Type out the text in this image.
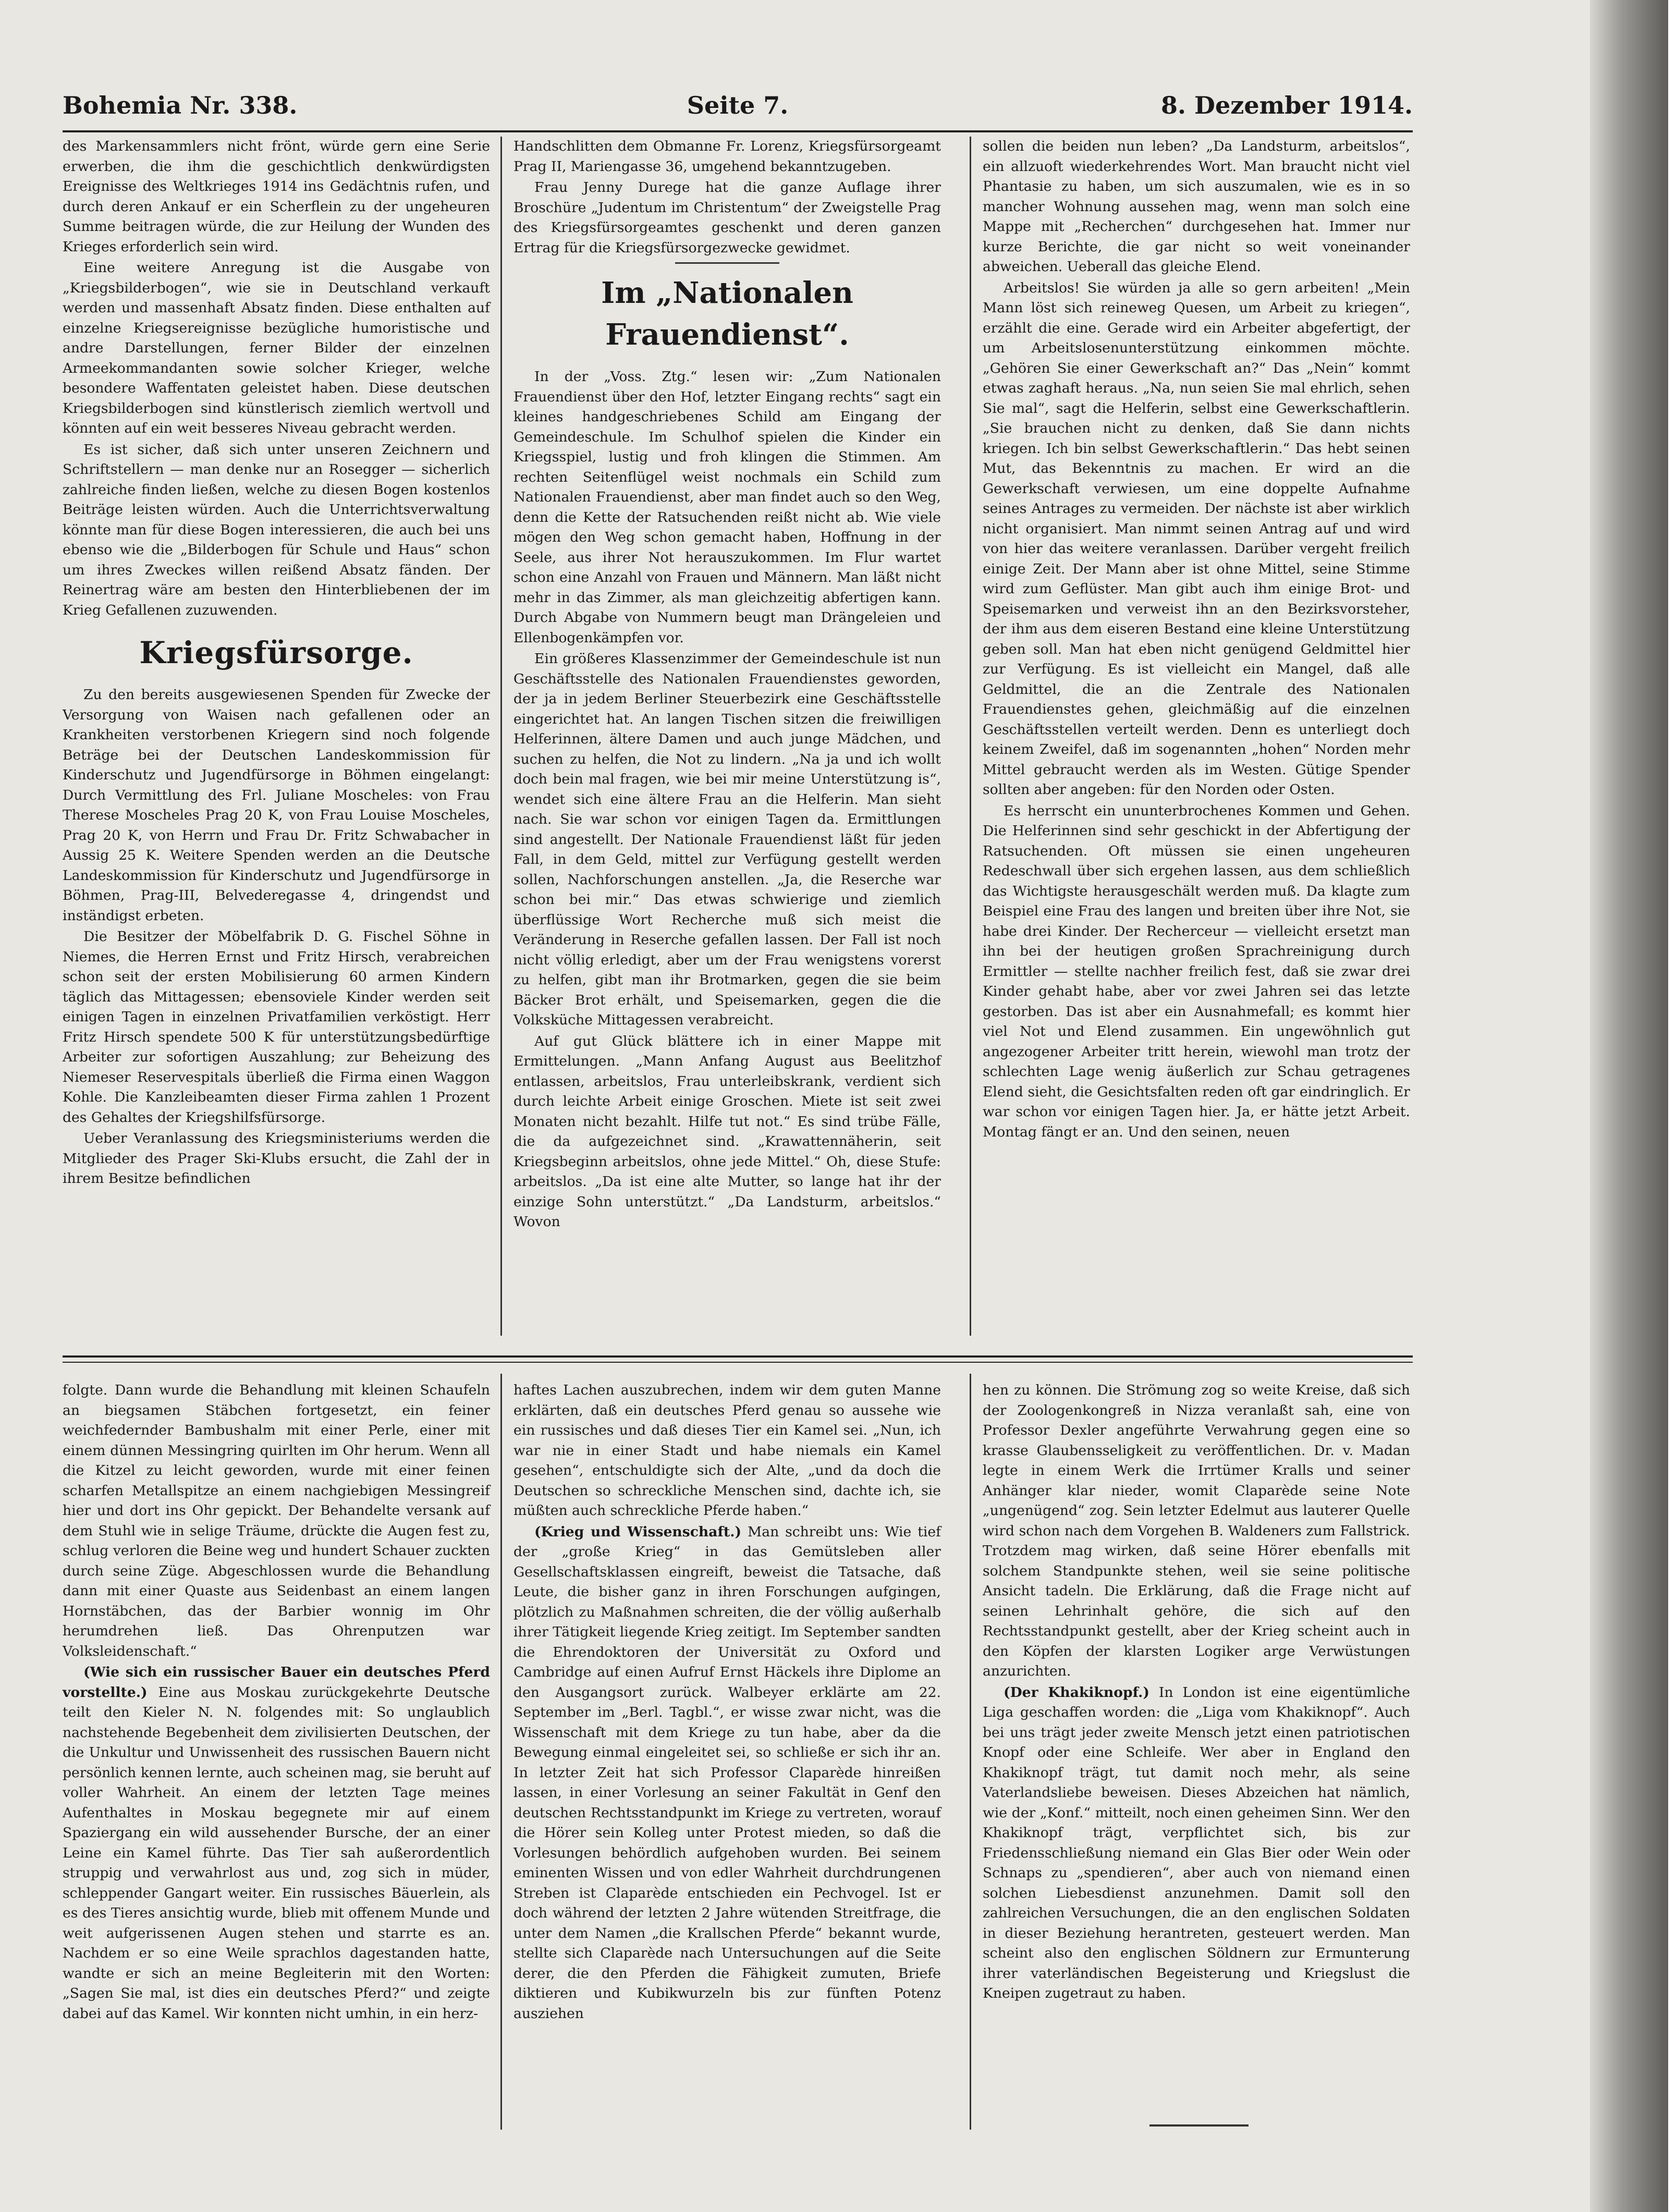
Bohemia Nr. 338.	Seite 7.	8. Dezember 1914.

des Markensammlers nicht frönt, würde gern eine Serie erwerben, die ihm die geschichtlich denkwürdigsten Ereignisse des Weltkrieges 1914 ins Gedächtnis rufen, und durch deren Ankauf er ein Scherflein zu der ungeheuren Summe beitragen würde, die zur Heilung der Wunden des Krieges erforderlich sein wird.

Eine weitere Anregung ist die Ausgabe von „Kriegsbilderbogen“, wie sie in Deutschland verkauft werden und massenhaft Absatz finden. Diese enthalten auf einzelne Kriegsereignisse bezügliche humoristische und andre Darstellungen, ferner Bilder der einzelnen Armeekommandanten sowie solcher Krieger, welche besondere Waffentaten geleistet haben. Diese deutschen Kriegsbilderbogen sind künstlerisch ziemlich wertvoll und könnten auf ein weit besseres Niveau gebracht werden.

Es ist sicher, daß sich unter unseren Zeichnern und Schriftstellern — man denke nur an Rosegger — sicherlich zahlreiche finden ließen, welche zu diesen Bogen kostenlos Beiträge leisten würden. Auch die Unterrichtsverwaltung könnte man für diese Bogen interessieren, die auch bei uns ebenso wie die „Bilderbogen für Schule und Haus“ schon um ihres Zweckes willen reißend Absatz fänden. Der Reinertrag wäre am besten den Hinterbliebenen der im Krieg Gefallenen zuzuwenden.

Kriegsfürsorge.

Zu den bereits ausgewiesenen Spenden für Zwecke der Versorgung von Waisen nach gefallenen oder an Krankheiten verstorbenen Kriegern sind noch folgende Beträge bei der Deutschen Landeskommission für Kinderschutz und Jugendfürsorge in Böhmen eingelangt: Durch Vermittlung des Frl. Juliane Moscheles: von Frau Therese Moscheles Prag 20 K, von Frau Louise Moscheles, Prag 20 K, von Herrn und Frau Dr. Fritz Schwabacher in Aussig 25 K. Weitere Spenden werden an die Deutsche Landeskommission für Kinderschutz und Jugendfürsorge in Böhmen, Prag-III, Belvederegasse 4, dringendst und inständigst erbeten.

Die Besitzer der Möbelfabrik D. G. Fischel Söhne in Niemes, die Herren Ernst und Fritz Hirsch, verabreichen schon seit der ersten Mobilisierung 60 armen Kindern täglich das Mittagessen; ebensoviele Kinder werden seit einigen Tagen in einzelnen Privatfamilien verköstigt. Herr Fritz Hirsch spendete 500 K für unterstützungsbedürftige Arbeiter zur sofortigen Auszahlung; zur Beheizung des Niemeser Reservespitals überließ die Firma einen Waggon Kohle. Die Kanzleibeamten dieser Firma zahlen 1 Prozent des Gehaltes der Kriegshilfsfürsorge.

Ueber Veranlassung des Kriegsministeriums werden die Mitglieder des Prager Ski-Klubs ersucht, die Zahl der in ihrem Besitze befindlichen

Handschlitten dem Obmanne Fr. Lorenz, Kriegsfürsorgeamt Prag II, Mariengasse 36, umgehend bekanntzugeben.

Frau Jenny Durege hat die ganze Auflage ihrer Broschüre „Judentum im Christentum“ der Zweigstelle Prag des Kriegsfürsorgeamtes geschenkt und deren ganzen Ertrag für die Kriegsfürsorgezwecke gewidmet.

Im „Nationalen Frauendienst“.

In der „Voss. Ztg.“ lesen wir: „Zum Nationalen Frauendienst über den Hof, letzter Eingang rechts“ sagt ein kleines handgeschriebenes Schild am Eingang der Gemeindeschule. Im Schulhof spielen die Kinder ein Kriegsspiel, lustig und froh klingen die Stimmen. Am rechten Seitenflügel weist nochmals ein Schild zum Nationalen Frauendienst, aber man findet auch so den Weg, denn die Kette der Ratsuchenden reißt nicht ab. Wie viele mögen den Weg schon gemacht haben, Hoffnung in der Seele, aus ihrer Not herauszukommen. Im Flur wartet schon eine Anzahl von Frauen und Männern. Man läßt nicht mehr in das Zimmer, als man gleichzeitig abfertigen kann. Durch Abgabe von Nummern beugt man Drängeleien und Ellenbogenkämpfen vor.

Ein größeres Klassenzimmer der Gemeindeschule ist nun Geschäftsstelle des Nationalen Frauendienstes geworden, der ja in jedem Berliner Steuerbezirk eine Geschäftsstelle eingerichtet hat. An langen Tischen sitzen die freiwilligen Helferinnen, ältere Damen und auch junge Mädchen, und suchen zu helfen, die Not zu lindern. „Na ja und ich wollt doch bein mal fragen, wie bei mir meine Unterstützung is“, wendet sich eine ältere Frau an die Helferin. Man sieht nach. Sie war schon vor einigen Tagen da. Ermittlungen sind angestellt. Der Nationale Frauendienst läßt für jeden Fall, in dem Geld, mittel zur Verfügung gestellt werden sollen, Nachforschungen anstellen. „Ja, die Reserche war schon bei mir.“ Das etwas schwierige und ziemlich überflüssige Wort Recherche muß sich meist die Veränderung in Reserche gefallen lassen. Der Fall ist noch nicht völlig erledigt, aber um der Frau wenigstens vorerst zu helfen, gibt man ihr Brotmarken, gegen die sie beim Bäcker Brot erhält, und Speisemarken, gegen die die Volksküche Mittagessen verabreicht.

Auf gut Glück blättere ich in einer Mappe mit Ermittelungen. „Mann Anfang August aus Beelitzhof entlassen, arbeitslos, Frau unterleibskrank, verdient sich durch leichte Arbeit einige Groschen. Miete ist seit zwei Monaten nicht bezahlt. Hilfe tut not.“ Es sind trübe Fälle, die da aufgezeichnet sind. „Krawattennäherin, seit Kriegsbeginn arbeitslos, ohne jede Mittel.“ Oh, diese Stufe: arbeitslos. „Da ist eine alte Mutter, so lange hat ihr der einzige Sohn unterstützt.“ „Da Landsturm, arbeitslos.“ Wovon

sollen die beiden nun leben? „Da Landsturm, arbeitslos“, ein allzuoft wiederkehrendes Wort. Man braucht nicht viel Phantasie zu haben, um sich auszumalen, wie es in so mancher Wohnung aussehen mag, wenn man solch eine Mappe mit „Recherchen“ durchgesehen hat. Immer nur kurze Berichte, die gar nicht so weit voneinander abweichen. Ueberall das gleiche Elend.

Arbeitslos! Sie würden ja alle so gern arbeiten! „Mein Mann löst sich reineweg Quesen, um Arbeit zu kriegen“, erzählt die eine. Gerade wird ein Arbeiter abgefertigt, der um Arbeitslosenunterstützung einkommen möchte. „Gehören Sie einer Gewerkschaft an?“ Das „Nein“ kommt etwas zaghaft heraus. „Na, nun seien Sie mal ehrlich, sehen Sie mal“, sagt die Helferin, selbst eine Gewerkschaftlerin. „Sie brauchen nicht zu denken, daß Sie dann nichts kriegen. Ich bin selbst Gewerkschaftlerin.“ Das hebt seinen Mut, das Bekenntnis zu machen. Er wird an die Gewerkschaft verwiesen, um eine doppelte Aufnahme seines Antrages zu vermeiden. Der nächste ist aber wirklich nicht organisiert. Man nimmt seinen Antrag auf und wird von hier das weitere veranlassen. Darüber vergeht freilich einige Zeit. Der Mann aber ist ohne Mittel, seine Stimme wird zum Geflüster. Man gibt auch ihm einige Brot- und Speisemarken und verweist ihn an den Bezirksvorsteher, der ihm aus dem eiseren Bestand eine kleine Unterstützung geben soll. Man hat eben nicht genügend Geldmittel hier zur Verfügung. Es ist vielleicht ein Mangel, daß alle Geldmittel, die an die Zentrale des Nationalen Frauendienstes gehen, gleichmäßig auf die einzelnen Geschäftsstellen verteilt werden. Denn es unterliegt doch keinem Zweifel, daß im sogenannten „hohen“ Norden mehr Mittel gebraucht werden als im Westen. Gütige Spender sollten aber angeben: für den Norden oder Osten.

Es herrscht ein ununterbrochenes Kommen und Gehen. Die Helferinnen sind sehr geschickt in der Abfertigung der Ratsuchenden. Oft müssen sie einen ungeheuren Redeschwall über sich ergehen lassen, aus dem schließlich das Wichtigste herausgeschält werden muß. Da klagte zum Beispiel eine Frau des langen und breiten über ihre Not, sie habe drei Kinder. Der Recherceur — vielleicht ersetzt man ihn bei der heutigen großen Sprachreinigung durch Ermittler — stellte nachher freilich fest, daß sie zwar drei Kinder gehabt habe, aber vor zwei Jahren sei das letzte gestorben. Das ist aber ein Ausnahmefall; es kommt hier viel Not und Elend zusammen. Ein ungewöhnlich gut angezogener Arbeiter tritt herein, wiewohl man trotz der schlechten Lage wenig äußerlich zur Schau getragenes Elend sieht, die Gesichtsfalten reden oft gar eindringlich. Er war schon vor einigen Tagen hier. Ja, er hätte jetzt Arbeit. Montag fängt er an. Und den seinen, neuen

folgte. Dann wurde die Behandlung mit kleinen Schaufeln an biegsamen Stäbchen fortgesetzt, ein feiner weichfedernder Bambushalm mit einer Perle, einer mit einem dünnen Messingring quirlten im Ohr herum. Wenn all die Kitzel zu leicht geworden, wurde mit einer feinen scharfen Metallspitze an einem nachgiebigen Messingreif hier und dort ins Ohr gepickt. Der Behandelte versank auf dem Stuhl wie in selige Träume, drückte die Augen fest zu, schlug verloren die Beine weg und hundert Schauer zuckten durch seine Züge. Abgeschlossen wurde die Behandlung dann mit einer Quaste aus Seidenbast an einem langen Hornstäbchen, das der Barbier wonnig im Ohr herumdrehen ließ. Das Ohrenputzen war Volksleidenschaft.“

(Wie sich ein russischer Bauer ein deutsches Pferd vorstellte.) Eine aus Moskau zurückgekehrte Deutsche teilt den Kieler N. N. folgendes mit: So unglaublich nachstehende Begebenheit dem zivilisierten Deutschen, der die Unkultur und Unwissenheit des russischen Bauern nicht persönlich kennen lernte, auch scheinen mag, sie beruht auf voller Wahrheit. An einem der letzten Tage meines Aufenthaltes in Moskau begegnete mir auf einem Spaziergang ein wild aussehender Bursche, der an einer Leine ein Kamel führte. Das Tier sah außerordentlich struppig und verwahrlost aus und, zog sich in müder, schleppender Gangart weiter. Ein russisches Bäuerlein, als es des Tieres ansichtig wurde, blieb mit offenem Munde und weit aufgerissenen Augen stehen und starrte es an. Nachdem er so eine Weile sprachlos dagestanden hatte, wandte er sich an meine Begleiterin mit den Worten: „Sagen Sie mal, ist dies ein deutsches Pferd?“ und zeigte dabei auf das Kamel. Wir konnten nicht umhin, in ein herz-

haftes Lachen auszubrechen, indem wir dem guten Manne erklärten, daß ein deutsches Pferd genau so aussehe wie ein russisches und daß dieses Tier ein Kamel sei. „Nun, ich war nie in einer Stadt und habe niemals ein Kamel gesehen“, entschuldigte sich der Alte, „und da doch die Deutschen so schreckliche Menschen sind, dachte ich, sie müßten auch schreckliche Pferde haben.“

(Krieg und Wissenschaft.) Man schreibt uns: Wie tief der „große Krieg“ in das Gemütsleben aller Gesellschaftsklassen eingreift, beweist die Tatsache, daß Leute, die bisher ganz in ihren Forschungen aufgingen, plötzlich zu Maßnahmen schreiten, die der völlig außerhalb ihrer Tätigkeit liegende Krieg zeitigt. Im September sandten die Ehrendoktoren der Universität zu Oxford und Cambridge auf einen Aufruf Ernst Häckels ihre Diplome an den Ausgangsort zurück. Walbeyer erklärte am 22. September im „Berl. Tagbl.“, er wisse zwar nicht, was die Wissenschaft mit dem Kriege zu tun habe, aber da die Bewegung einmal eingeleitet sei, so schließe er sich ihr an. In letzter Zeit hat sich Professor Claparède hinreißen lassen, in einer Vorlesung an seiner Fakultät in Genf den deutschen Rechtsstandpunkt im Kriege zu vertreten, worauf die Hörer sein Kolleg unter Protest mieden, so daß die Vorlesungen behördlich aufgehoben wurden. Bei seinem eminenten Wissen und von edler Wahrheit durchdrungenen Streben ist Claparède entschieden ein Pechvogel. Ist er doch während der letzten 2 Jahre wütenden Streitfrage, die unter dem Namen „die Krallschen Pferde“ bekannt wurde, stellte sich Claparède nach Untersuchungen auf die Seite derer, die den Pferden die Fähigkeit zumuten, Briefe diktieren und Kubikwurzeln bis zur fünften Potenz ausziehen

hen zu können. Die Strömung zog so weite Kreise, daß sich der Zoologenkongreß in Nizza veranlaßt sah, eine von Professor Dexler angeführte Verwahrung gegen eine so krasse Glaubensseligkeit zu veröffentlichen. Dr. v. Madan legte in einem Werk die Irrtümer Kralls und seiner Anhänger klar nieder, womit Claparède seine Note „ungenügend“ zog. Sein letzter Edelmut aus lauterer Quelle wird schon nach dem Vorgehen B. Waldeners zum Fallstrick. Trotzdem mag wirken, daß seine Hörer ebenfalls mit solchem Standpunkte stehen, weil sie seine politische Ansicht tadeln. Die Erklärung, daß die Frage nicht auf seinen Lehrinhalt gehöre, die sich auf den Rechtsstandpunkt gestellt, aber der Krieg scheint auch in den Köpfen der klarsten Logiker arge Verwüstungen anzurichten.

(Der Khakiknopf.) In London ist eine eigentümliche Liga geschaffen worden: die „Liga vom Khakiknopf“. Auch bei uns trägt jeder zweite Mensch jetzt einen patriotischen Knopf oder eine Schleife. Wer aber in England den Khakiknopf trägt, tut damit noch mehr, als seine Vaterlandsliebe beweisen. Dieses Abzeichen hat nämlich, wie der „Konf.“ mitteilt, noch einen geheimen Sinn. Wer den Khakiknopf trägt, verpflichtet sich, bis zur Friedensschließung niemand ein Glas Bier oder Wein oder Schnaps zu „spendieren“, aber auch von niemand einen solchen Liebesdienst anzunehmen. Damit soll den zahlreichen Versuchungen, die an den englischen Soldaten in dieser Beziehung herantreten, gesteuert werden. Man scheint also den englischen Söldnern zur Ermunterung ihrer vaterländischen Begeisterung und Kriegslust die Kneipen zugetraut zu haben.
